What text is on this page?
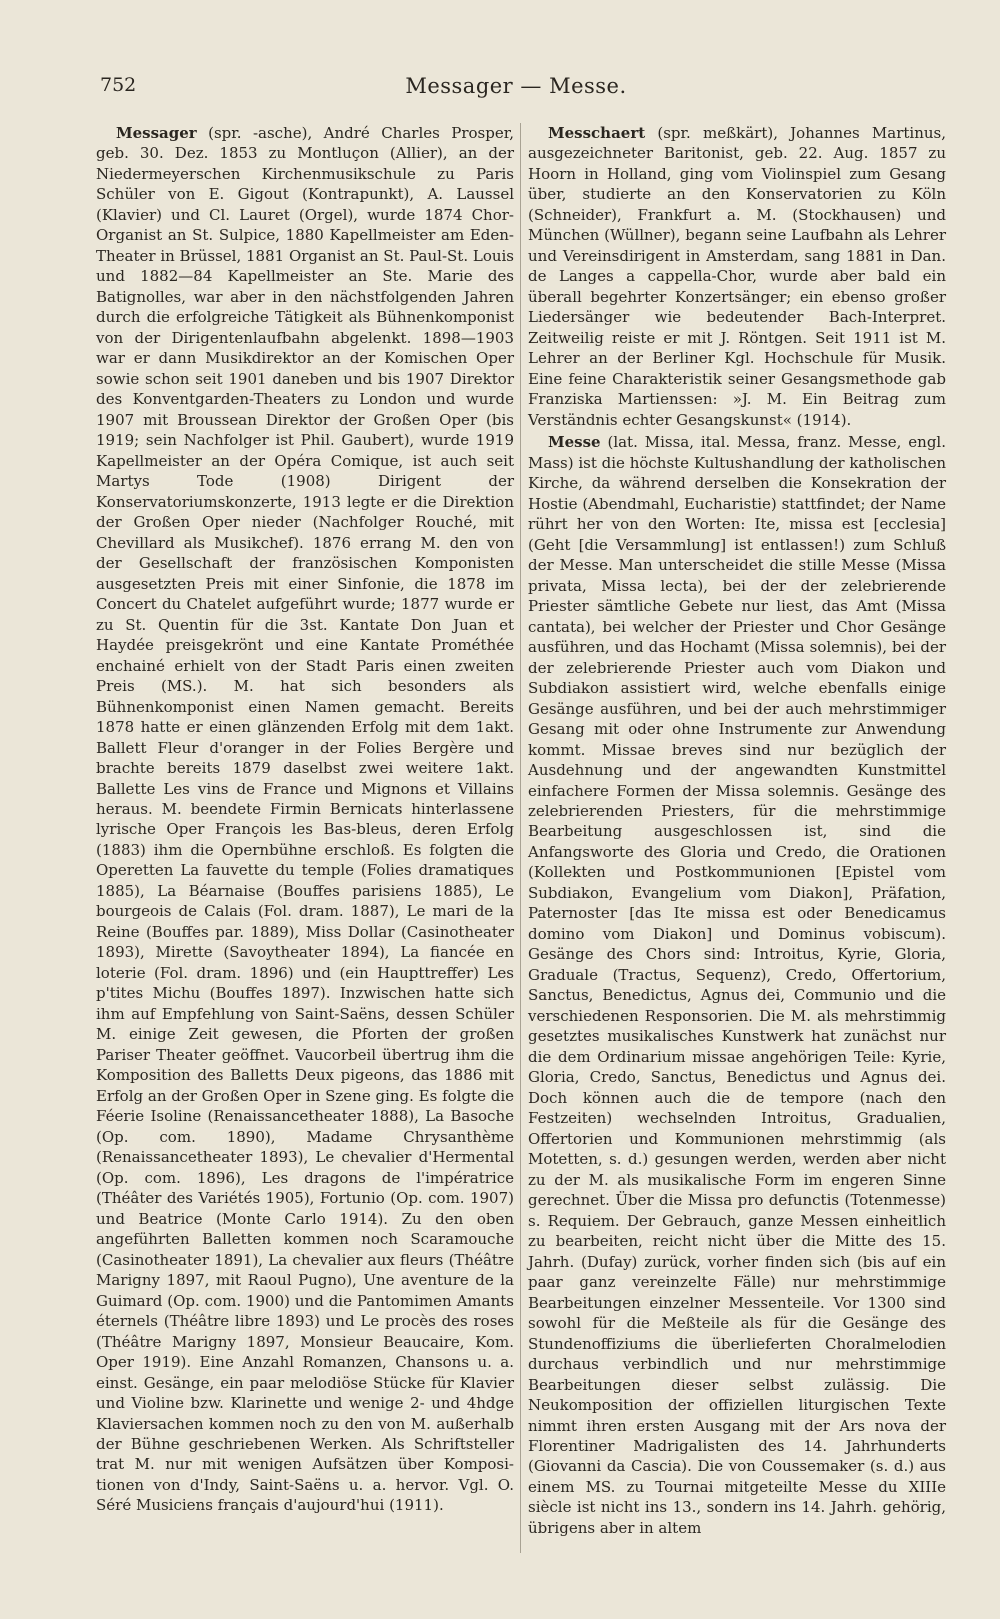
752	Messager — Messe.

Messager (spr. -asche), André Charles Prosper, geb. 30. Dez. 1853 zu Montluçon (Allier), an der Niedermeyerschen Kirchenmusikschule zu Paris Schüler von E. Gigout (Kontrapunkt), A. Laussel (Klavier) und Cl. Lauret (Orgel), wurde 1874 Chor-Organist an St. Sulpice, 1880 Kapellmeister am Eden-Theater in Brüssel, 1881 Organist an St. Paul-St. Louis und 1882—84 Kapellmeister an Ste. Marie des Batignolles, war aber in den nächstfolgenden Jahren durch die erfolgreiche Tätigkeit als Bühnenkomponist von der Dirigentenlaufbahn abgelenkt. 1898—1903 war er dann Musikdirektor an der Komischen Oper sowie schon seit 1901 daneben und bis 1907 Direktor des Konventgarden-Theaters zu London und wurde 1907 mit Broussean Direktor der Großen Oper (bis 1919; sein Nachfolger ist Phil. Gaubert), wurde 1919 Kapellmeister an der Opéra Comique, ist auch seit Martys Tode (1908) Dirigent der Konservatoriumskonzerte, 1913 legte er die Direktion der Großen Oper nieder (Nachfolger Rouché, mit Chevillard als Musikchef). 1876 errang M. den von der Gesellschaft der französischen Komponisten ausgesetzten Preis mit einer Sinfonie, die 1878 im Concert du Chatelet aufgeführt wurde; 1877 wurde er zu St. Quentin für die 3st. Kantate Don Juan et Haydée preisgekrönt und eine Kantate Prométhée enchainé erhielt von der Stadt Paris einen zweiten Preis (MS.). M. hat sich besonders als Bühnenkomponist einen Namen gemacht. Bereits 1878 hatte er einen glänzenden Erfolg mit dem 1akt. Ballett Fleur d'oranger in der Folies Bergère und brachte bereits 1879 daselbst zwei weitere 1akt. Ballette Les vins de France und Mignons et Villains heraus. M. beendete Firmin Bernicats hinterlassene lyrische Oper François les Bas-bleus, deren Erfolg (1883) ihm die Opernbühne erschloß. Es folgten die Operetten La fauvette du temple (Folies dramatiques 1885), La Béarnaise (Bouffes parisiens 1885), Le bourgeois de Calais (Fol. dram. 1887), Le mari de la Reine (Bouffes par. 1889), Miss Dollar (Casinotheater 1893), Mirette (Savoytheater 1894), La fiancée en loterie (Fol. dram. 1896) und (ein Haupttreffer) Les p'tites Michu (Bouffes 1897). Inzwischen hatte sich ihm auf Empfehlung von Saint-Saëns, dessen Schüler M. einige Zeit gewesen, die Pforten der großen Pariser Theater geöffnet. Vaucorbeil übertrug ihm die Komposition des Balletts Deux pigeons, das 1886 mit Erfolg an der Großen Oper in Szene ging. Es folgte die Féerie Isoline (Renaissancetheater 1888), La Basoche (Op. com. 1890), Madame Chrysanthème (Renaissancetheater 1893), Le chevalier d'Hermental (Op. com. 1896), Les dragons de l'impératrice (Théâter des Variétés 1905), Fortunio (Op. com. 1907) und Beatrice (Monte Carlo 1914). Zu den oben angeführten Balletten kommen noch Scaramouche (Casinotheater 1891), La chevalier aux fleurs (Théâtre Marigny 1897, mit Raoul Pugno), Une aventure de la Guimard (Op. com. 1900) und die Pantomimen Amants éternels (Théâtre libre 1893) und Le procès des roses (Théâtre Marigny 1897, Monsieur Beaucaire, Kom. Oper 1919). Eine Anzahl Romanzen, Chansons u. a. einst. Gesänge, ein paar melodiöse Stücke für Klavier und Violine bzw. Klarinette und wenige 2- und 4hdge Klaviersachen kommen noch zu den von M. außerhalb der Bühne geschriebenen Werken. Als Schriftsteller trat M. nur mit wenigen Aufsätzen über Komposi-tionen von d'Indy, Saint-Saëns u. a. hervor. Vgl. O. Séré Musiciens français d'aujourd'hui (1911).

Messchaert (spr. meßkärt), Johannes Martinus, ausgezeichneter Baritonist, geb. 22. Aug. 1857 zu Hoorn in Holland, ging vom Violinspiel zum Gesang über, studierte an den Konservatorien zu Köln (Schneider), Frankfurt a. M. (Stockhausen) und München (Wüllner), begann seine Laufbahn als Lehrer und Vereinsdirigent in Amsterdam, sang 1881 in Dan. de Langes a cappella-Chor, wurde aber bald ein überall begehrter Konzertsänger; ein ebenso großer Liedersänger wie bedeutender Bach-Interpret. Zeitweilig reiste er mit J. Röntgen. Seit 1911 ist M. Lehrer an der Berliner Kgl. Hochschule für Musik. Eine feine Charakteristik seiner Gesangsmethode gab Franziska Martienssen: »J. M. Ein Beitrag zum Verständnis echter Gesangskunst« (1914).

Messe (lat. Missa, ital. Messa, franz. Messe, engl. Mass) ist die höchste Kultushandlung der katholischen Kirche, da während derselben die Konsekration der Hostie (Abendmahl, Eucharistie) stattfindet; der Name rührt her von den Worten: Ite, missa est [ecclesia] (Geht [die Versammlung] ist entlassen!) zum Schluß der Messe. Man unterscheidet die stille Messe (Missa privata, Missa lecta), bei der der zelebrierende Priester sämtliche Gebete nur liest, das Amt (Missa cantata), bei welcher der Priester und Chor Gesänge ausführen, und das Hochamt (Missa solemnis), bei der der zelebrierende Priester auch vom Diakon und Subdiakon assistiert wird, welche ebenfalls einige Gesänge ausführen, und bei der auch mehrstimmiger Gesang mit oder ohne Instrumente zur Anwendung kommt. Missae breves sind nur bezüglich der Ausdehnung und der angewandten Kunstmittel einfachere Formen der Missa solemnis. Gesänge des zelebrierenden Priesters, für die mehrstimmige Bearbeitung ausgeschlossen ist, sind die Anfangsworte des Gloria und Credo, die Orationen (Kollekten und Postkommunionen [Epistel vom Subdiakon, Evangelium vom Diakon], Präfation, Paternoster [das Ite missa est oder Benedicamus domino vom Diakon] und Dominus vobiscum). Gesänge des Chors sind: Introitus, Kyrie, Gloria, Graduale (Tractus, Sequenz), Credo, Offertorium, Sanctus, Benedictus, Agnus dei, Communio und die verschiedenen Responsorien. Die M. als mehrstimmig gesetztes musikalisches Kunstwerk hat zunächst nur die dem Ordinarium missae angehörigen Teile: Kyrie, Gloria, Credo, Sanctus, Benedictus und Agnus dei. Doch können auch die de tempore (nach den Festzeiten) wechselnden Introitus, Gradualien, Offertorien und Kommunionen mehrstimmig (als Motetten, s. d.) gesungen werden, werden aber nicht zu der M. als musikalische Form im engeren Sinne gerechnet. Über die Missa pro defunctis (Totenmesse) s. Requiem. Der Gebrauch, ganze Messen einheitlich zu bearbeiten, reicht nicht über die Mitte des 15. Jahrh. (Dufay) zurück, vorher finden sich (bis auf ein paar ganz vereinzelte Fälle) nur mehrstimmige Bearbeitungen einzelner Messenteile. Vor 1300 sind sowohl für die Meßteile als für die Gesänge des Stundenoffiziums die überlieferten Choralmelodien durchaus verbindlich und nur mehrstimmige Bearbeitungen dieser selbst zulässig. Die Neukomposition der offiziellen liturgischen Texte nimmt ihren ersten Ausgang mit der Ars nova der Florentiner Madrigalisten des 14. Jahrhunderts (Giovanni da Cascia). Die von Coussemaker (s. d.) aus einem MS. zu Tournai mitgeteilte Messe du XIIIe siècle ist nicht ins 13., sondern ins 14. Jahrh. gehörig, übrigens aber in altem
